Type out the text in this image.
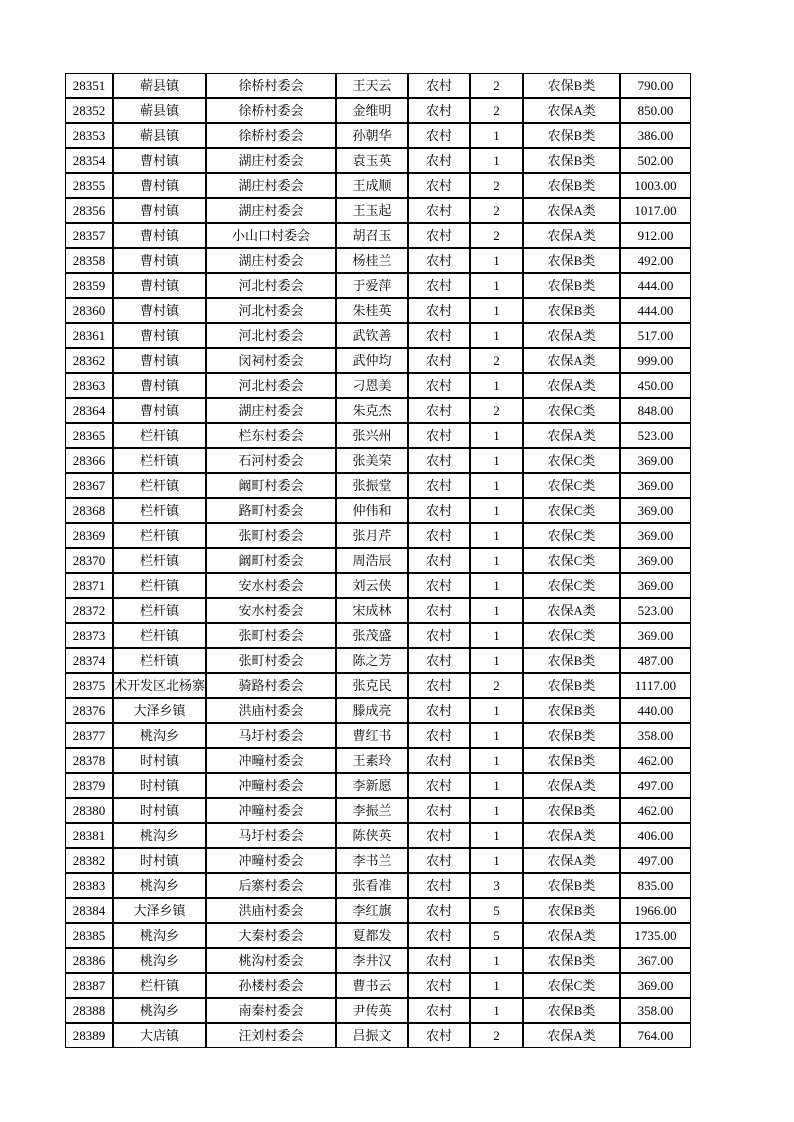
28351	蕲县镇	徐桥村委会	王天云	农村	2	农保B类	790.00
28352	蕲县镇	徐桥村委会	金维明	农村	2	农保A类	850.00
28353	蕲县镇	徐桥村委会	孙朝华	农村	1	农保B类	386.00
28354	曹村镇	湖庄村委会	袁玉英	农村	1	农保B类	502.00
28355	曹村镇	湖庄村委会	王成顺	农村	2	农保B类	1003.00
28356	曹村镇	湖庄村委会	王玉起	农村	2	农保A类	1017.00
28357	曹村镇	小山口村委会	胡召玉	农村	2	农保A类	912.00
28358	曹村镇	湖庄村委会	杨桂兰	农村	1	农保B类	492.00
28359	曹村镇	河北村委会	于爱萍	农村	1	农保B类	444.00
28360	曹村镇	河北村委会	朱桂英	农村	1	农保B类	444.00
28361	曹村镇	河北村委会	武钦善	农村	1	农保A类	517.00
28362	曹村镇	闵祠村委会	武仲均	农村	2	农保A类	999.00
28363	曹村镇	河北村委会	刁恩美	农村	1	农保A类	450.00
28364	曹村镇	湖庄村委会	朱克杰	农村	2	农保C类	848.00
28365	栏杆镇	栏东村委会	张兴州	农村	1	农保A类	523.00
28366	栏杆镇	石河村委会	张美荣	农村	1	农保C类	369.00
28367	栏杆镇	阚町村委会	张振堂	农村	1	农保C类	369.00
28368	栏杆镇	路町村委会	仲伟和	农村	1	农保C类	369.00
28369	栏杆镇	张町村委会	张月芹	农村	1	农保C类	369.00
28370	栏杆镇	阚町村委会	周浩辰	农村	1	农保C类	369.00
28371	栏杆镇	安水村委会	刘云侠	农村	1	农保C类	369.00
28372	栏杆镇	安水村委会	宋成林	农村	1	农保A类	523.00
28373	栏杆镇	张町村委会	张茂盛	农村	1	农保C类	369.00
28374	栏杆镇	张町村委会	陈之芳	农村	1	农保B类	487.00
28375	术开发区北杨寨	骑路村委会	张克民	农村	2	农保B类	1117.00
28376	大泽乡镇	洪庙村委会	滕成亮	农村	1	农保B类	440.00
28377	桃沟乡	马圩村委会	曹红书	农村	1	农保B类	358.00
28378	时村镇	冲疃村委会	王素玲	农村	1	农保B类	462.00
28379	时村镇	冲疃村委会	李新愿	农村	1	农保A类	497.00
28380	时村镇	冲疃村委会	李振兰	农村	1	农保B类	462.00
28381	桃沟乡	马圩村委会	陈侠英	农村	1	农保A类	406.00
28382	时村镇	冲疃村委会	李书兰	农村	1	农保A类	497.00
28383	桃沟乡	后寨村委会	张看准	农村	3	农保B类	835.00
28384	大泽乡镇	洪庙村委会	李红旗	农村	5	农保B类	1966.00
28385	桃沟乡	大秦村委会	夏都发	农村	5	农保A类	1735.00
28386	桃沟乡	桃沟村委会	李井汉	农村	1	农保B类	367.00
28387	栏杆镇	孙楼村委会	曹书云	农村	1	农保C类	369.00
28388	桃沟乡	南秦村委会	尹传英	农村	1	农保B类	358.00
28389	大店镇	汪刘村委会	吕振文	农村	2	农保A类	764.00
